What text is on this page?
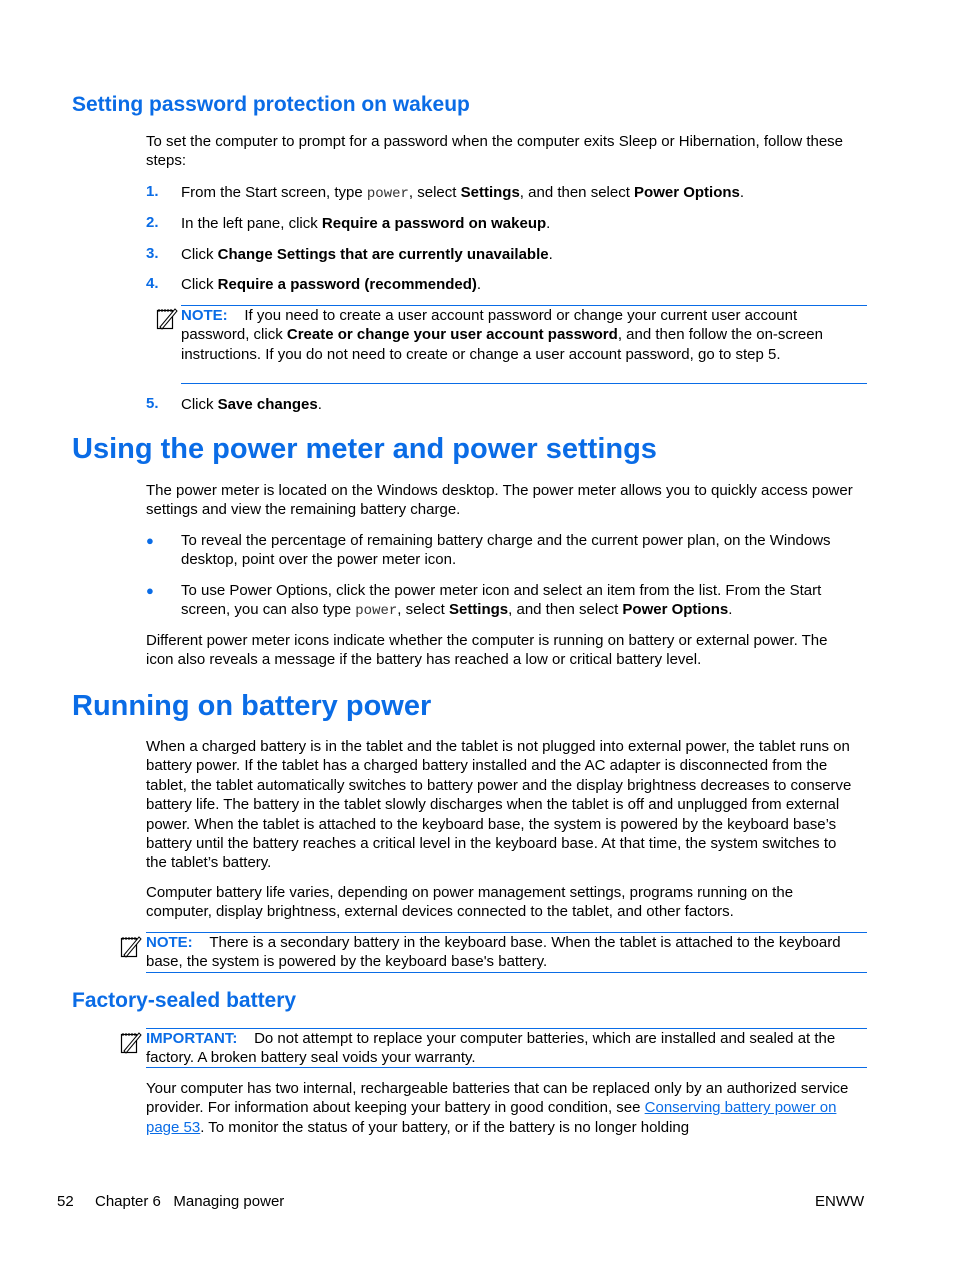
Setting password protection on wakeup
To set the computer to prompt for a password when the computer exits Sleep or Hibernation, follow these steps:
1. From the Start screen, type power, select Settings, and then select Power Options.
2. In the left pane, click Require a password on wakeup.
3. Click Change Settings that are currently unavailable.
4. Click Require a password (recommended).
NOTE: If you need to create a user account password or change your current user account password, click Create or change your user account password, and then follow the on-screen instructions. If you do not need to create or change a user account password, go to step 5.
5. Click Save changes.
Using the power meter and power settings
The power meter is located on the Windows desktop. The power meter allows you to quickly access power settings and view the remaining battery charge.
● To reveal the percentage of remaining battery charge and the current power plan, on the Windows desktop, point over the power meter icon.
● To use Power Options, click the power meter icon and select an item from the list. From the Start screen, you can also type power, select Settings, and then select Power Options.
Different power meter icons indicate whether the computer is running on battery or external power. The icon also reveals a message if the battery has reached a low or critical battery level.
Running on battery power
When a charged battery is in the tablet and the tablet is not plugged into external power, the tablet runs on battery power. If the tablet has a charged battery installed and the AC adapter is disconnected from the tablet, the tablet automatically switches to battery power and the display brightness decreases to conserve battery life. The battery in the tablet slowly discharges when the tablet is off and unplugged from external power. When the tablet is attached to the keyboard base, the system is powered by the keyboard base’s battery until the battery reaches a critical level in the keyboard base. At that time, the system switches to the tablet’s battery.
Computer battery life varies, depending on power management settings, programs running on the computer, display brightness, external devices connected to the tablet, and other factors.
NOTE: There is a secondary battery in the keyboard base. When the tablet is attached to the keyboard base, the system is powered by the keyboard base's battery.
Factory-sealed battery
IMPORTANT: Do not attempt to replace your computer batteries, which are installed and sealed at the factory. A broken battery seal voids your warranty.
Your computer has two internal, rechargeable batteries that can be replaced only by an authorized service provider. For information about keeping your battery in good condition, see Conserving battery power on page 53. To monitor the status of your battery, or if the battery is no longer holding
52 Chapter 6   Managing power	ENWW
